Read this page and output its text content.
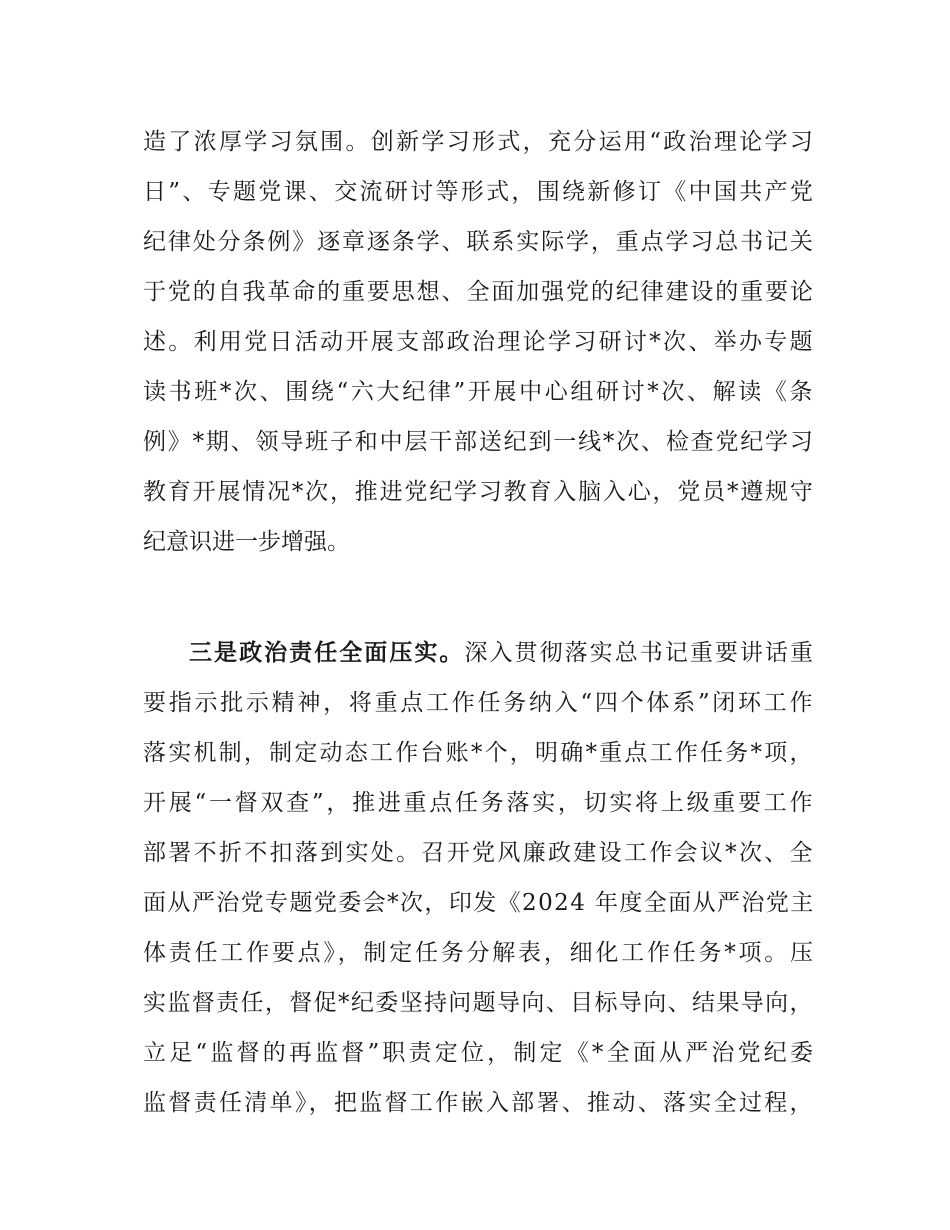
造了浓厚学习氛围。创新学习形式，充分运用“政治理论学习
日”、专题党课、交流研讨等形式，围绕新修订《中国共产党
纪律处分条例》逐章逐条学、联系实际学，重点学习总书记关
于党的自我革命的重要思想、全面加强党的纪律建设的重要论
述。利用党日活动开展支部政治理论学习研讨*次、举办专题
读书班*次、围绕“六大纪律”开展中心组研讨*次、解读《条
例》*期、领导班子和中层干部送纪到一线*次、检查党纪学习
教育开展情况*次，推进党纪学习教育入脑入心，党员*遵规守
纪意识进一步增强。
三是政治责任全面压实。深入贯彻落实总书记重要讲话重
要指示批示精神，将重点工作任务纳入“四个体系”闭环工作
落实机制，制定动态工作台账*个，明确*重点工作任务*项，
开展“一督双查”，推进重点任务落实，切实将上级重要工作
部署不折不扣落到实处。召开党风廉政建设工作会议*次、全
面从严治党专题党委会*次，印发《2024 年度全面从严治党主
体责任工作要点》，制定任务分解表，细化工作任务*项。压
实监督责任，督促*纪委坚持问题导向、目标导向、结果导向，
立足“监督的再监督”职责定位，制定《*全面从严治党纪委
监督责任清单》，把监督工作嵌入部署、推动、落实全过程，
